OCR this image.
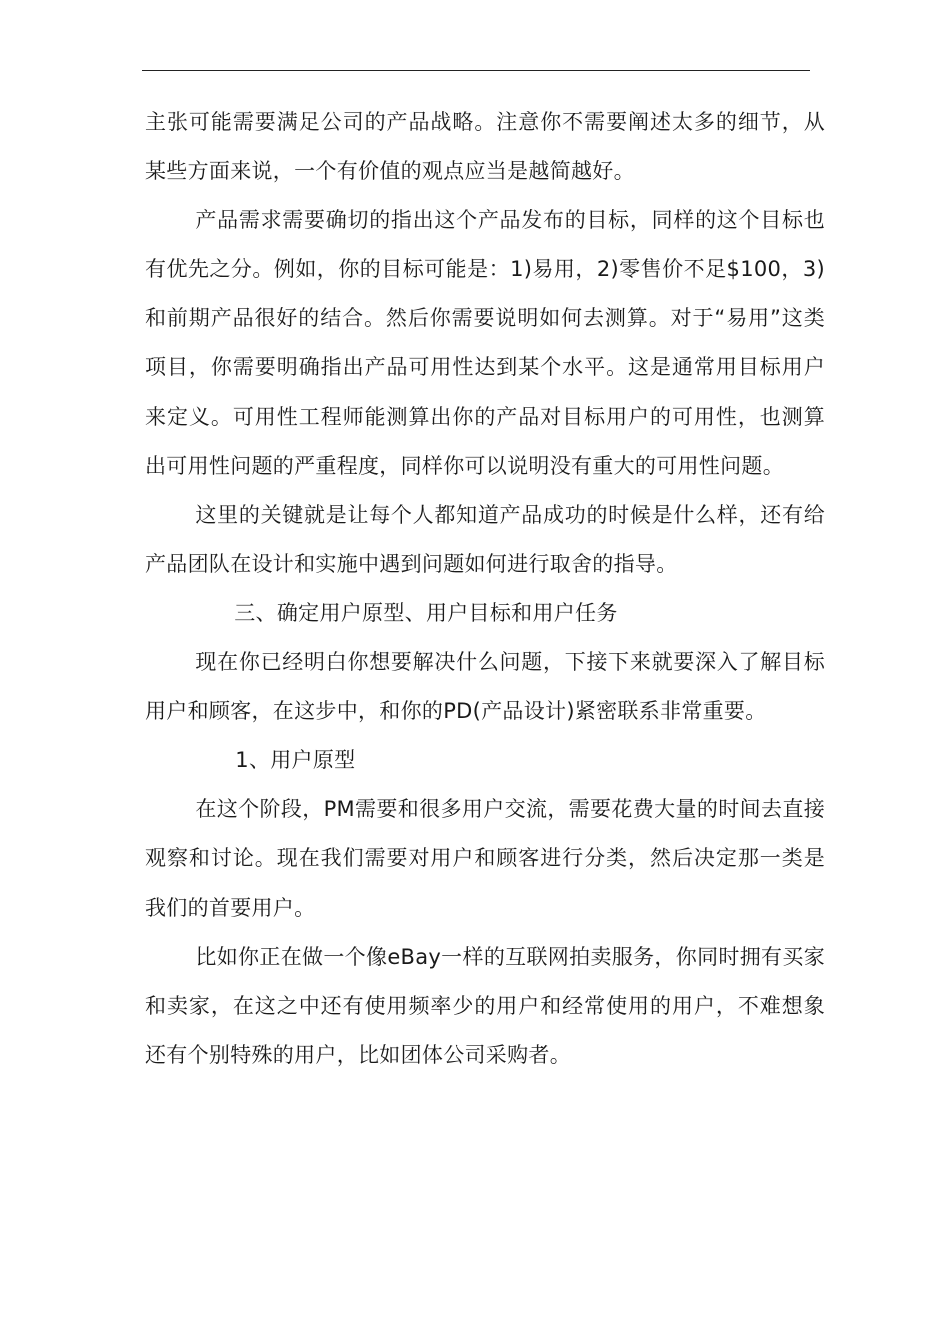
主张可能需要满足公司的产品战略。注意你不需要阐述太多的细节，从某些方面来说，一个有价值的观点应当是越简越好。

产品需求需要确切的指出这个产品发布的目标，同样的这个目标也有优先之分。例如，你的目标可能是：1)易用，2)零售价不足$100，3)和前期产品很好的结合。然后你需要说明如何去测算。对于“易用”这类项目，你需要明确指出产品可用性达到某个水平。这是通常用目标用户来定义。可用性工程师能测算出你的产品对目标用户的可用性，也测算出可用性问题的严重程度，同样你可以说明没有重大的可用性问题。

这里的关键就是让每个人都知道产品成功的时候是什么样，还有给产品团队在设计和实施中遇到问题如何进行取舍的指导。

三、确定用户原型、用户目标和用户任务

现在你已经明白你想要解决什么问题，下接下来就要深入了解目标用户和顾客，在这步中，和你的PD(产品设计)紧密联系非常重要。

1、用户原型

在这个阶段，PM需要和很多用户交流，需要花费大量的时间去直接观察和讨论。现在我们需要对用户和顾客进行分类，然后决定那一类是我们的首要用户。

比如你正在做一个像eBay一样的互联网拍卖服务，你同时拥有买家和卖家，在这之中还有使用频率少的用户和经常使用的用户，不难想象还有个别特殊的用户，比如团体公司采购者。
